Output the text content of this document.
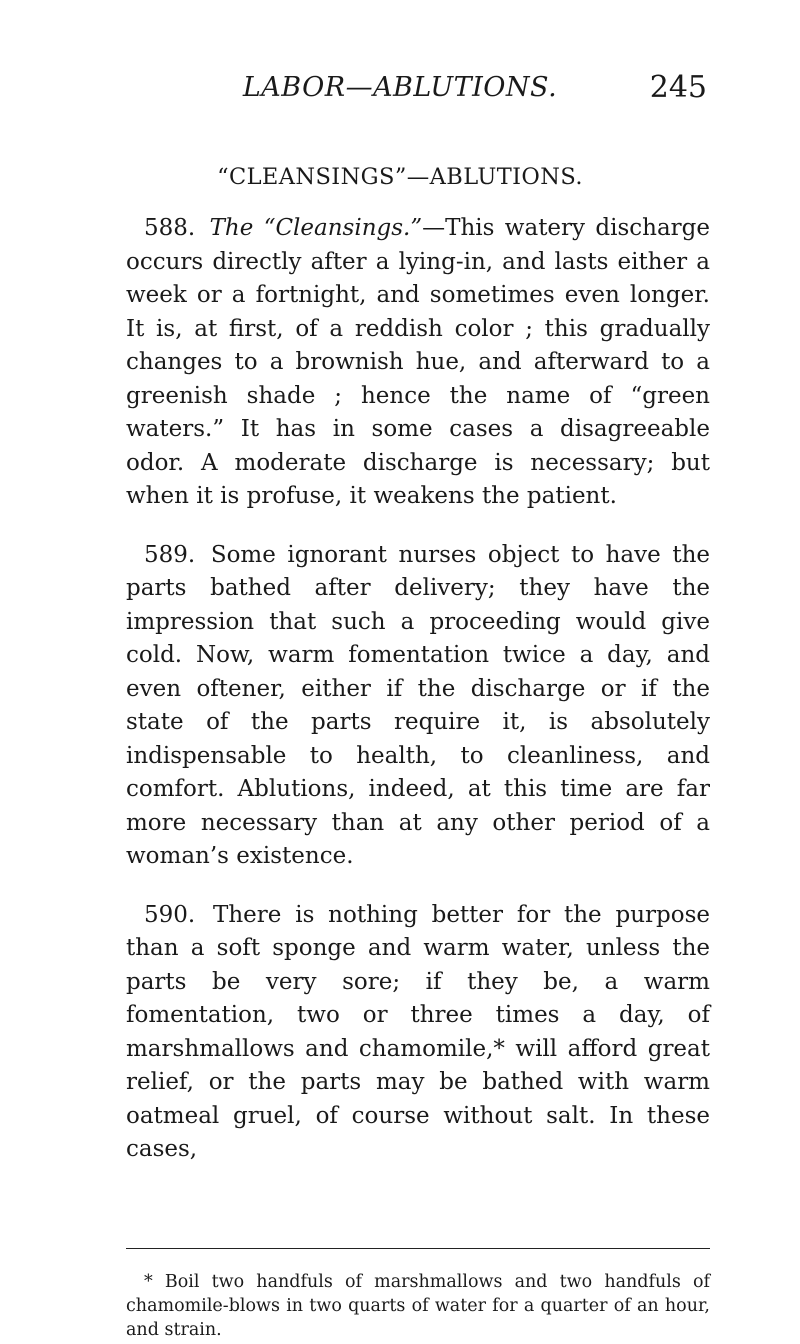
LABOR—ABLUTIONS.	245
“CLEANSINGS”—ABLUTIONS.

588. The “Cleansings.”—This watery discharge occurs directly after a lying-in, and lasts either a week or a fortnight, and sometimes even longer. It is, at first, of a reddish color ; this gradually changes to a brownish hue, and afterward to a greenish shade ; hence the name of “green waters.” It has in some cases a disagreeable odor. A moderate discharge is necessary; but when it is profuse, it weakens the patient.

589. Some ignorant nurses object to have the parts bathed after delivery; they have the impression that such a proceeding would give cold. Now, warm fomentation twice a day, and even oftener, either if the discharge or if the state of the parts require it, is absolutely indispensable to health, to cleanliness, and comfort. Ablutions, indeed, at this time are far more necessary than at any other period of a woman’s existence.

590. There is nothing better for the purpose than a soft sponge and warm water, unless the parts be very sore; if they be, a warm fomentation, two or three times a day, of marshmallows and chamomile,* will afford great relief, or the parts may be bathed with warm oatmeal gruel, of course without salt. In these cases,

* Boil two handfuls of marshmallows and two handfuls of chamomile-blows in two quarts of water for a quarter of an hour, and strain.
